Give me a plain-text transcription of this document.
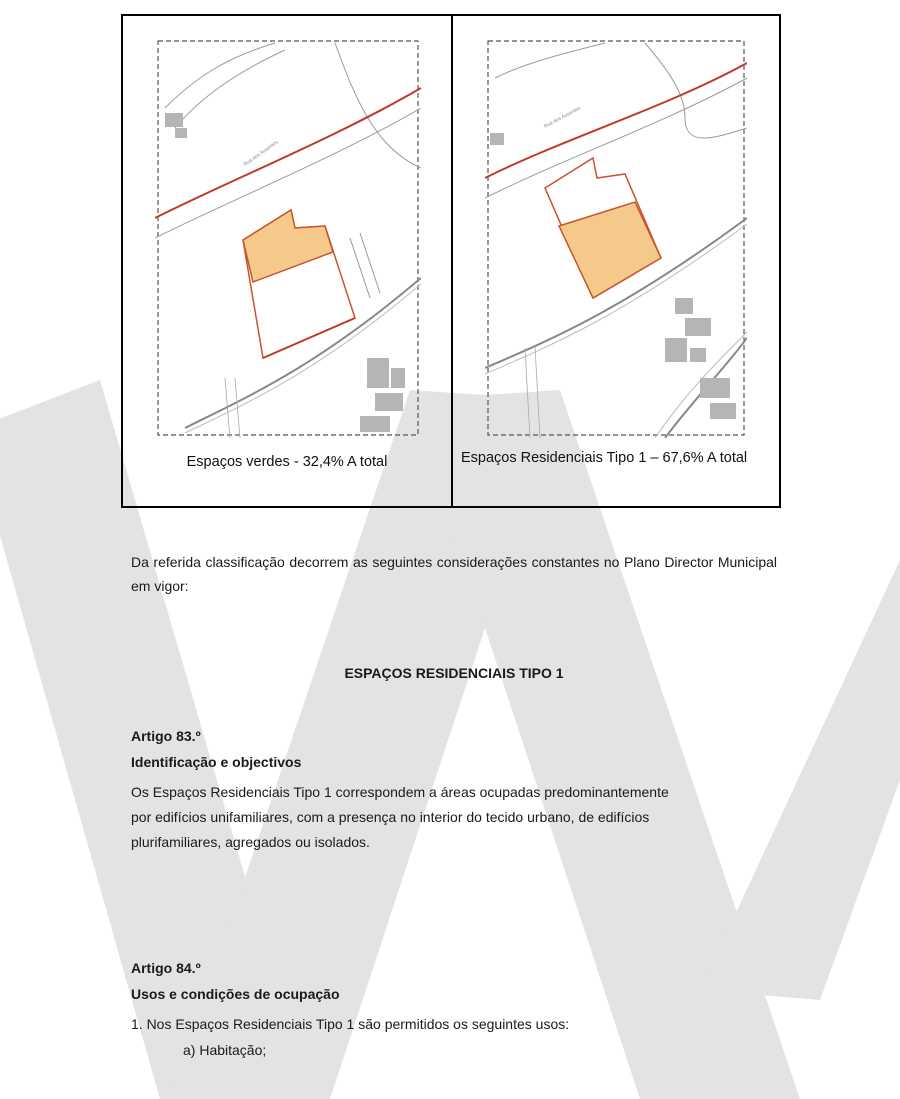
Rua dos Ausentes
Rua dos Ausentes
Espaços verdes - 32,4% A total	Espaços Residenciais Tipo 1 – 67,6% A total
Da referida classificação decorrem as seguintes considerações constantes no Plano Director Municipal em vigor:
ESPAÇOS RESIDENCIAIS TIPO 1
Artigo 83.º
Identificação e objectivos
Os Espaços Residenciais Tipo 1 correspondem a áreas ocupadas predominantemente
por edifícios unifamiliares, com a presença no interior do tecido urbano, de edifícios
plurifamiliares, agregados ou isolados.
Artigo 84.º
Usos e condições de ocupação
1. Nos Espaços Residenciais Tipo 1 são permitidos os seguintes usos:
a) Habitação;
